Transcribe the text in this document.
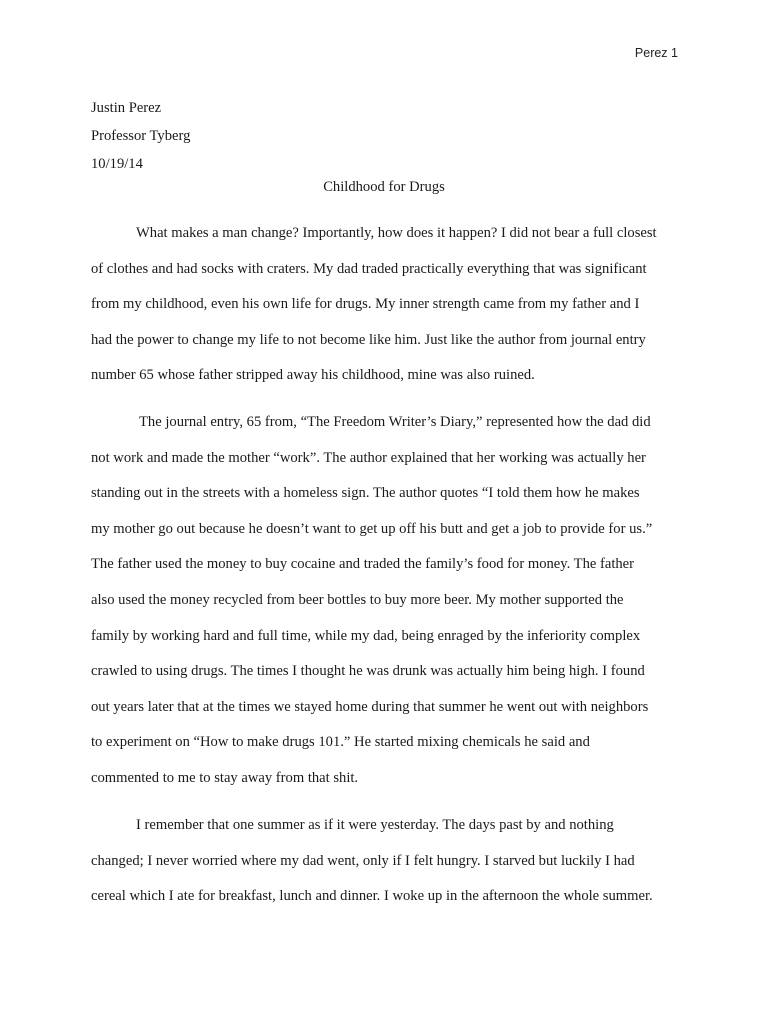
Perez 1
Justin Perez
Professor Tyberg
10/19/14
Childhood for Drugs
What makes a man change? Importantly, how does it happen? I did not bear a full closest
of clothes and had socks with craters. My dad traded practically everything that was significant
from my childhood, even his own life for drugs. My inner strength came from my father and I
had the power to change my life to not become like him. Just like the author from journal entry
number 65 whose father stripped away his childhood, mine was also ruined.
The journal entry, 65 from, “The Freedom Writer’s Diary,” represented how the dad did
not work and made the mother “work”. The author explained that her working was actually her
standing out in the streets with a homeless sign. The author quotes “I told them how he makes
my mother go out because he doesn’t want to get up off his butt and get a job to provide for us.”
The father used the money to buy cocaine and traded the family’s food for money. The father
also used the money recycled from beer bottles to buy more beer. My mother supported the
family by working hard and full time, while my dad, being enraged by the inferiority complex
crawled to using drugs. The times I thought he was drunk was actually him being high. I found
out years later that at the times we stayed home during that summer he went out with neighbors
to experiment on “How to make drugs 101.” He started mixing chemicals he said and
commented to me to stay away from that shit.
I remember that one summer as if it were yesterday. The days past by and nothing
changed; I never worried where my dad went, only if I felt hungry. I starved but luckily I had
cereal which I ate for breakfast, lunch and dinner. I woke up in the afternoon the whole summer.
